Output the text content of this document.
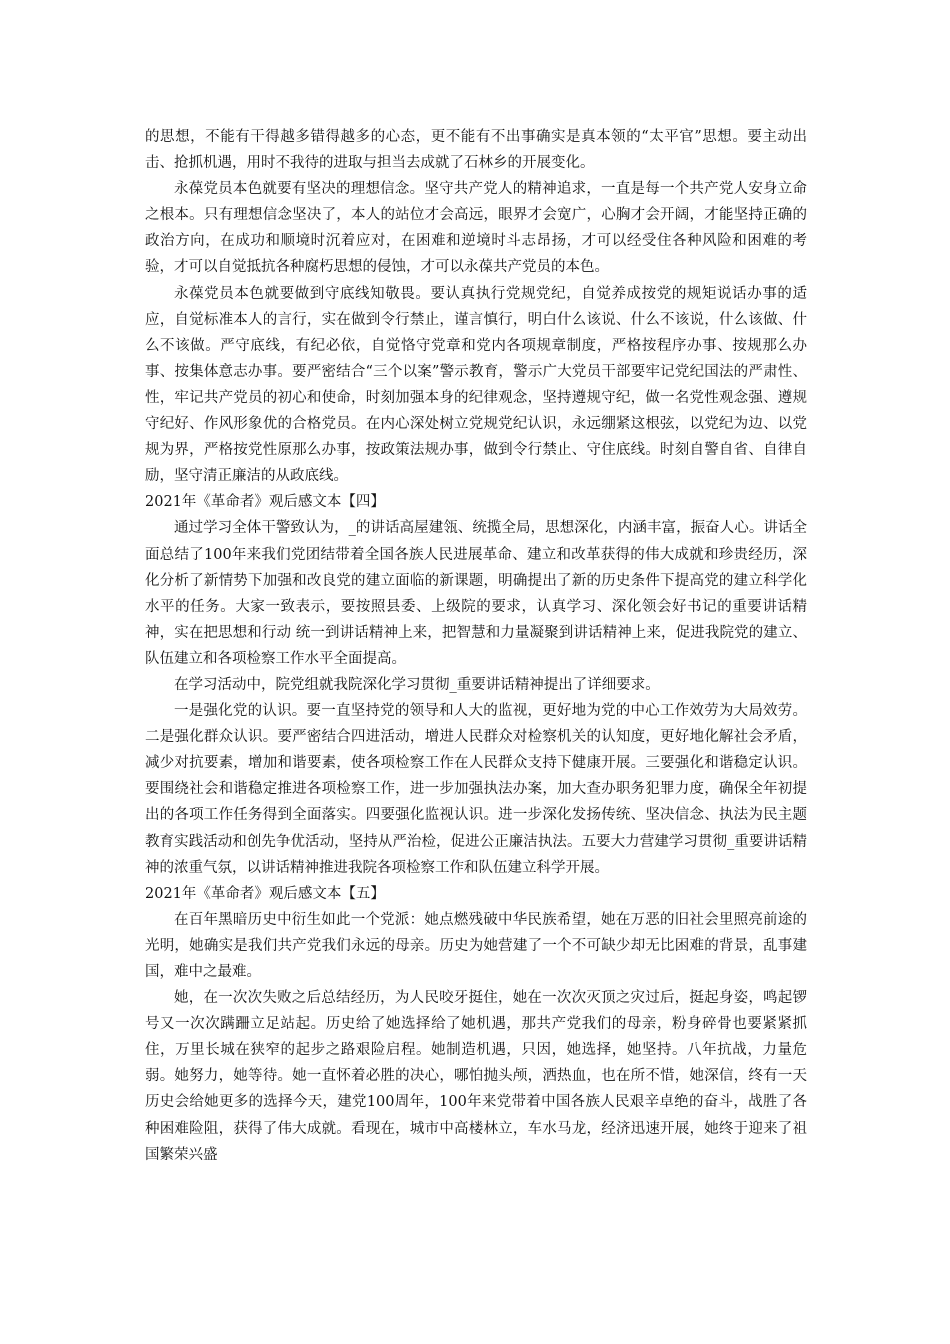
的思想，不能有干得越多错得越多的心态，更不能有不出事确实是真本领的“太平官”思想。要主动出击、抢抓机遇，用时不我待的进取与担当去成就了石林乡的开展变化。

永葆党员本色就要有坚决的理想信念。坚守共产党人的精神追求，一直是每一个共产党人安身立命之根本。只有理想信念坚决了，本人的站位才会高远，眼界才会宽广，心胸才会开阔，才能坚持正确的政治方向，在成功和顺境时沉着应对，在困难和逆境时斗志昂扬，才可以经受住各种风险和困难的考验，才可以自觉抵抗各种腐朽思想的侵蚀，才可以永葆共产党员的本色。

永葆党员本色就要做到守底线知敬畏。要认真执行党规党纪，自觉养成按党的规矩说话办事的适应，自觉标准本人的言行，实在做到令行禁止，谨言慎行，明白什么该说、什么不该说，什么该做、什么不该做。严守底线，有纪必依，自觉恪守党章和党内各项规章制度，严格按程序办事、按规那么办事、按集体意志办事。要严密结合“三个以案”警示教育，警示广大党员干部要牢记党纪国法的严肃性、性，牢记共产党员的初心和使命，时刻加强本身的纪律观念，坚持遵规守纪，做一名党性观念强、遵规守纪好、作风形象优的合格党员。在内心深处树立党规党纪认识，永远绷紧这根弦，以党纪为边、以党规为界，严格按党性原那么办事，按政策法规办事，做到令行禁止、守住底线。时刻自警自省、自律自励，坚守清正廉洁的从政底线。

2021年《革命者》观后感文本【四】

通过学习全体干警致认为，_的讲话高屋建瓴、统揽全局，思想深化，内涵丰富，振奋人心。讲话全面总结了100年来我们党团结带着全国各族人民进展革命、建立和改革获得的伟大成就和珍贵经历，深化分析了新情势下加强和改良党的建立面临的新课题，明确提出了新的历史条件下提高党的建立科学化水平的任务。大家一致表示，要按照县委、上级院的要求，认真学习、深化领会好书记的重要讲话精神，实在把思想和行动 统一到讲话精神上来，把智慧和力量凝聚到讲话精神上来，促进我院党的建立、队伍建立和各项检察工作水平全面提高。

在学习活动中，院党组就我院深化学习贯彻_重要讲话精神提出了详细要求。

一是强化党的认识。要一直坚持党的领导和人大的监视，更好地为党的中心工作效劳为大局效劳。二是强化群众认识。要严密结合四进活动，增进人民群众对检察机关的认知度，更好地化解社会矛盾，减少对抗要素，增加和谐要素，使各项检察工作在人民群众支持下健康开展。三要强化和谐稳定认识。要围绕社会和谐稳定推进各项检察工作，进一步加强执法办案，加大查办职务犯罪力度，确保全年初提出的各项工作任务得到全面落实。四要强化监视认识。进一步深化发扬传统、坚决信念、执法为民主题教育实践活动和创先争优活动，坚持从严治检，促进公正廉洁执法。五要大力营建学习贯彻_重要讲话精神的浓重气氛，以讲话精神推进我院各项检察工作和队伍建立科学开展。

2021年《革命者》观后感文本【五】

在百年黑暗历史中衍生如此一个党派：她点燃残破中华民族希望，她在万恶的旧社会里照亮前途的光明，她确实是我们共产党我们永远的母亲。历史为她营建了一个不可缺少却无比困难的背景，乱事建国，难中之最难。

她，在一次次失败之后总结经历，为人民咬牙挺住，她在一次次灭顶之灾过后，挺起身姿，鸣起锣号又一次次蹒跚立足站起。历史给了她选择给了她机遇，那共产党我们的母亲，粉身碎骨也要紧紧抓住，万里长城在狭窄的起步之路艰险启程。她制造机遇，只因，她选择，她坚持。八年抗战，力量危弱。她努力，她等待。她一直怀着必胜的决心，哪怕抛头颅，洒热血，也在所不惜，她深信，终有一天历史会给她更多的选择今天，建党100周年，100年来党带着中国各族人民艰辛卓绝的奋斗，战胜了各种困难险阻，获得了伟大成就。看现在，城市中高楼林立，车水马龙，经济迅速开展，她终于迎来了祖国繁荣兴盛
